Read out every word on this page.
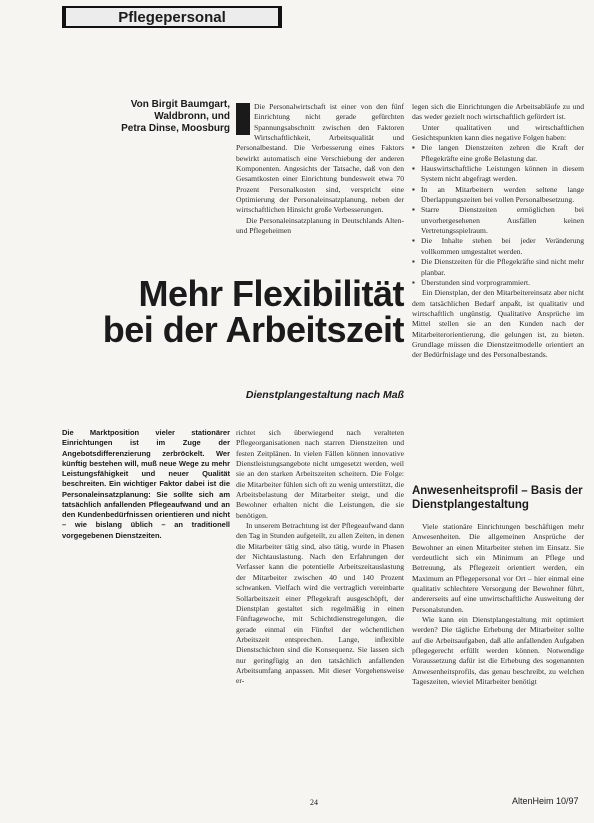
Pflegepersonal
Von Birgit Baumgart,
Waldbronn, und
Petra Dinse, Moosburg

Die Personalwirtschaft ist einer von den fünf Einrichtung nicht gerade gefürchten Spannungsabschnitt zwischen den Faktoren Wirtschaftlichkeit, Arbeitsqualität und Personalbestand. Die Verbesserung eines Faktors bewirkt automatisch eine Verschiebung der anderen Komponenten. Angesichts der Tatsache, daß von den Gesamtkosten einer Einrichtung bundesweit etwa 70 Prozent Personalkosten sind, verspricht eine Optimierung der Personaleinsatzplanung, neben der wirtschaftlichen Hinsicht große Verbesserungen.

Die Personaleinsatzplanung in Deutschlands Alten- und Pflegeheimen

Mehr Flexibilität
bei der Arbeitszeit
Dienstplangestaltung nach Maß
Die Marktposition vieler stationärer Einrichtungen ist im Zuge der Angebotsdifferenzierung zerbröckelt. Wer künftig bestehen will, muß neue Wege zu mehr Leistungsfähigkeit und neuer Qualität beschreiten. Ein wichtiger Faktor dabei ist die Personaleinsatzplanung: Sie sollte sich am tatsächlich anfallenden Pflegeaufwand und an den Kundenbedürfnissen orientieren und nicht – wie bislang üblich – an traditionell vorgegebenen Dienstzeiten.

richtet sich überwiegend nach veralteten Pflegeorganisationen nach starren Dienstzeiten und festen Zeitplänen. In vielen Fällen können innovative Dienstleistungsangebote nicht umgesetzt werden, weil sie an den starken Arbeitszeiten scheitern. Die Folge: die Mitarbeiter fühlen sich oft zu wenig unterstützt, die Arbeitsbelastung der Mitarbeiter steigt, und die Bewohner erhalten nicht die Leistungen, die sie benötigen.

In unserem Betrachtung ist der Pflegeaufwand dann den Tag in Stunden aufgeteilt, zu allen Zeiten, in denen die Mitarbeiter tätig sind, also tätig, wurde in Phasen der Nichtauslastung. Nach den Erfahrungen der Verfasser kann die potentielle Arbeitszeitauslastung der Mitarbeiter zwischen 40 und 140 Prozent schwanken. Vielfach wird die vertraglich vereinbarte Sollarbeitszeit einer Pflegekraft ausgeschöpft, der Dienstplan gestaltet sich regelmäßig in einen Fünftagewoche, mit Schichtdienstregelungen, die gerade einmal ein Fünftel der wöchentlichen Arbeitszeit entsprechen. Lange, inflexible Dienstschichten sind die Konsequenz. Sie lassen sich nur geringfügig an den tatsächlich anfallenden Arbeitsumfang anpassen. Mit dieser Vorgehensweise er-

legen sich die Einrichtungen die Arbeitsabläufe zu und das weder gezielt noch wirtschaftlich gefördert ist.

Unter qualitativen und wirtschaftlichen Gesichtspunkten kann dies negative Folgen haben:

▪ Die langen Dienstzeiten zehren die Kraft der Pflegekräfte eine große Belastung dar.
▪ Hauswirtschaftliche Leistungen können in diesem System nicht abgefragt werden.
▪ In an Mitarbeitern werden seltene lange Überlappungszeiten bei vollen Personalbesetzung.
▪ Starre Dienstzeiten ermöglichen bei unvorhergesehenen Ausfällen keinen Vertretungsspielraum.
▪ Die Inhalte stehen bei jeder Veränderung vollkommen umgestaltet werden.
▪ Die Dienstzeiten für die Pflegekräfte sind nicht mehr planbar.
▪ Überstunden sind vorprogrammiert.

Ein Dienstplan, der den Mitarbeitereinsatz aber nicht dem tatsächlichen Bedarf anpaßt, ist qualitativ und wirtschaftlich ungünstig. Qualitative Ansprüche im Mittel stellen sie an den Kunden nach der Mitarbeiterorientierung, die gelungen ist, zu bieten. Grundlage müssen die Dienstzeitmodelle orientiert an der Bedürfnislage und des Personalbestands.

Anwesenheitsprofil – Basis der Dienstplangestaltung

Viele stationäre Einrichtungen beschäftigen mehr Anwesenheiten. Die allgemeinen Ansprüche der Bewohner an einen Mitarbeiter stehen im Einsatz. Sie verdeutlicht sich ein Minimum an Pflege und Betreuung, als Pflegezeit orientiert werden, ein Maximum an Pflegepersonal vor Ort – hier einmal eine qualitativ schlechtere Versorgung der Bewohner führt, andererseits auf eine unwirtschaftliche Ausweitung der Personalstunden.

Wie kann ein Dienstplangestaltung mit optimiert werden? Die tägliche Erhebung der Mitarbeiter sollte auf die Arbeitsaufgaben, daß alle anfallenden Aufgaben pflegegerecht erfüllt werden können. Notwendige Voraussetzung dafür ist die Erhebung des sogenannten Anwesenheitsprofils, das genau beschreibt, zu welchen Tageszeiten, wieviel Mitarbeiter benötigt

24	AltenHeim 10/97
